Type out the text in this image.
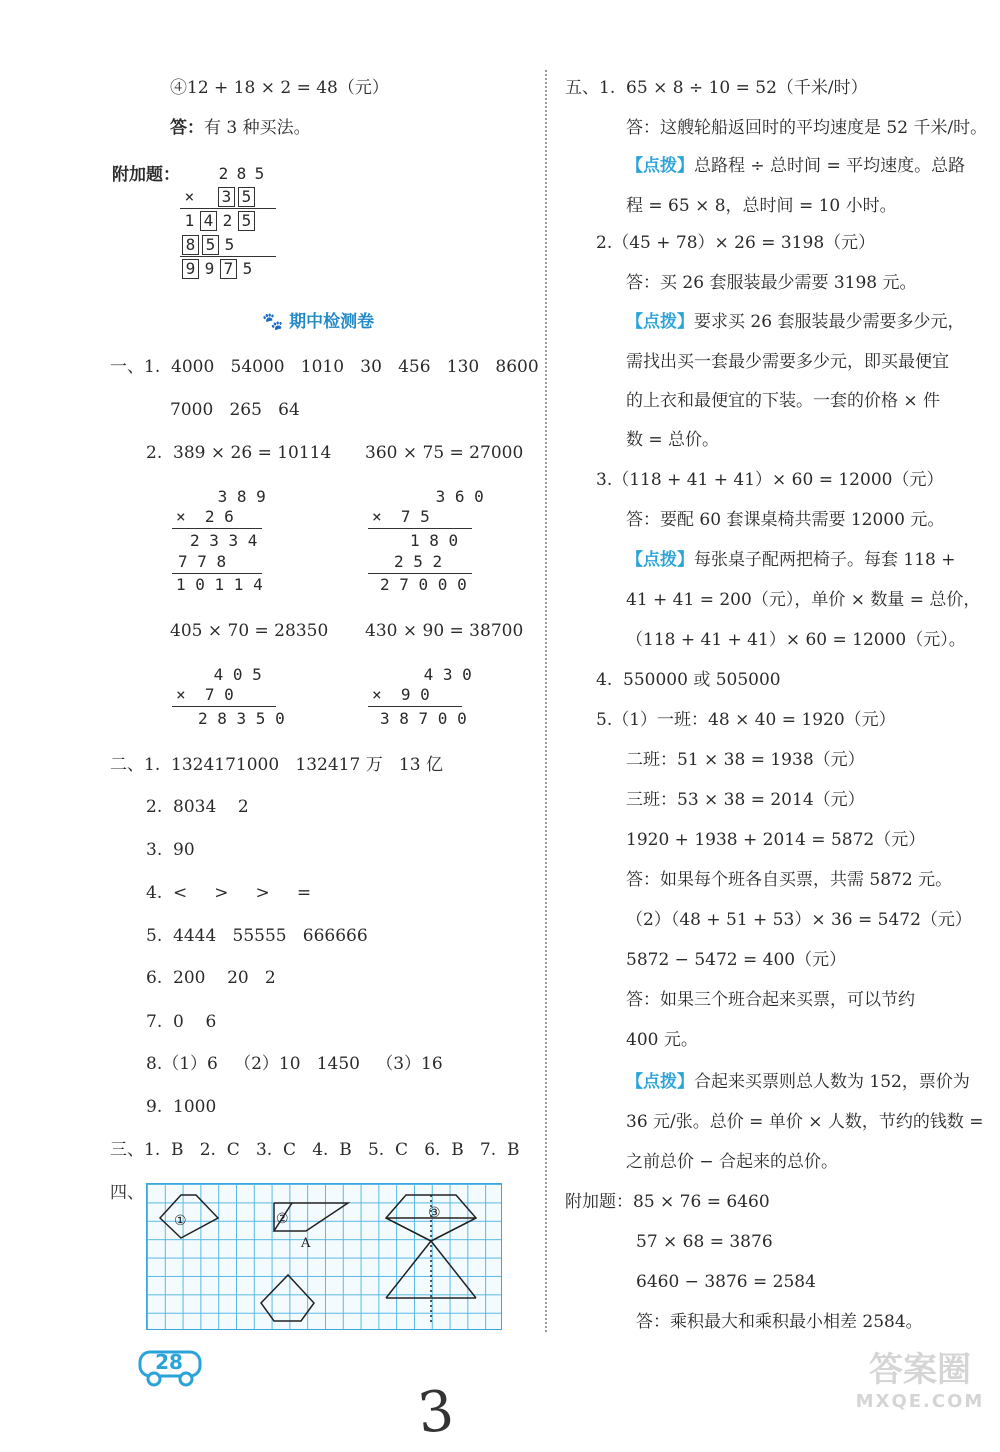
④12 + 18 × 2 = 48（元）
答：有 3 种买法。
附加题： 2 8 5
× 3 5
1 4 2 5
8 5 5
9 9 7 5
🐾 期中检测卷
一、1.  4000   54000   1010   30   456   130   8600
7000   265   64
2.  389 × 26 = 10114 360 × 75 = 27000
3 8 9
×  2 6
2 3 3 4
7 7 8
1 0 1 1 4
3 6 0
×  7 5
1 8 0
2 5 2
2 7 0 0 0
405 × 70 = 28350 430 × 90 = 38700
4 0 5
×  7 0
2 8 3 5 0
4 3 0
×  9 0
3 8 7 0 0
二、1.  1324171000   132417 万   13 亿
2.  8034    2
3.  90
4.  <     >     >     =
5.  4444   55555   666666
6.  200    20   2
7.  0    6
8.（1）6   （2）10   1450   （3）16
9.  1000
三、1.  B   2.  C   3.  C   4.  B   5.  C   6.  B   7.  B
四、
①	②
A
③
28
五、1.  65 × 8 ÷ 10 = 52（千米/时）
答：这艘轮船返回时的平均速度是 52 千米/时。
【点拨】总路程 ÷ 总时间 = 平均速度。总路
程 = 65 × 8，总时间 = 10 小时。
2.（45 + 78）× 26 = 3198（元）
答：买 26 套服装最少需要 3198 元。
【点拨】要求买 26 套服装最少需要多少元，
需找出买一套最少需要多少元，即买最便宜
的上衣和最便宜的下装。一套的价格 × 件
数 = 总价。
3.（118 + 41 + 41）× 60 = 12000（元）
答：要配 60 套课桌椅共需要 12000 元。
【点拨】每张桌子配两把椅子。每套 118 +
41 + 41 = 200（元），单价 × 数量 = 总价，
（118 + 41 + 41）× 60 = 12000（元）。
4.  550000 或 505000
5.（1）一班：48 × 40 = 1920（元）
二班：51 × 38 = 1938（元）
三班：53 × 38 = 2014（元）
1920 + 1938 + 2014 = 5872（元）
答：如果每个班各自买票，共需 5872 元。
（2）（48 + 51 + 53）× 36 = 5472（元）
5872 − 5472 = 400（元）
答：如果三个班合起来买票，可以节约
400 元。
【点拨】合起来买票则总人数为 152，票价为
36 元/张。总价 = 单价 × 人数，节约的钱数 =
之前总价 − 合起来的总价。
附加题：85 × 76 = 6460
57 × 68 = 3876
6460 − 3876 = 2584
答：乘积最大和乘积最小相差 2584。
3
答案圈
MXQE.COM
